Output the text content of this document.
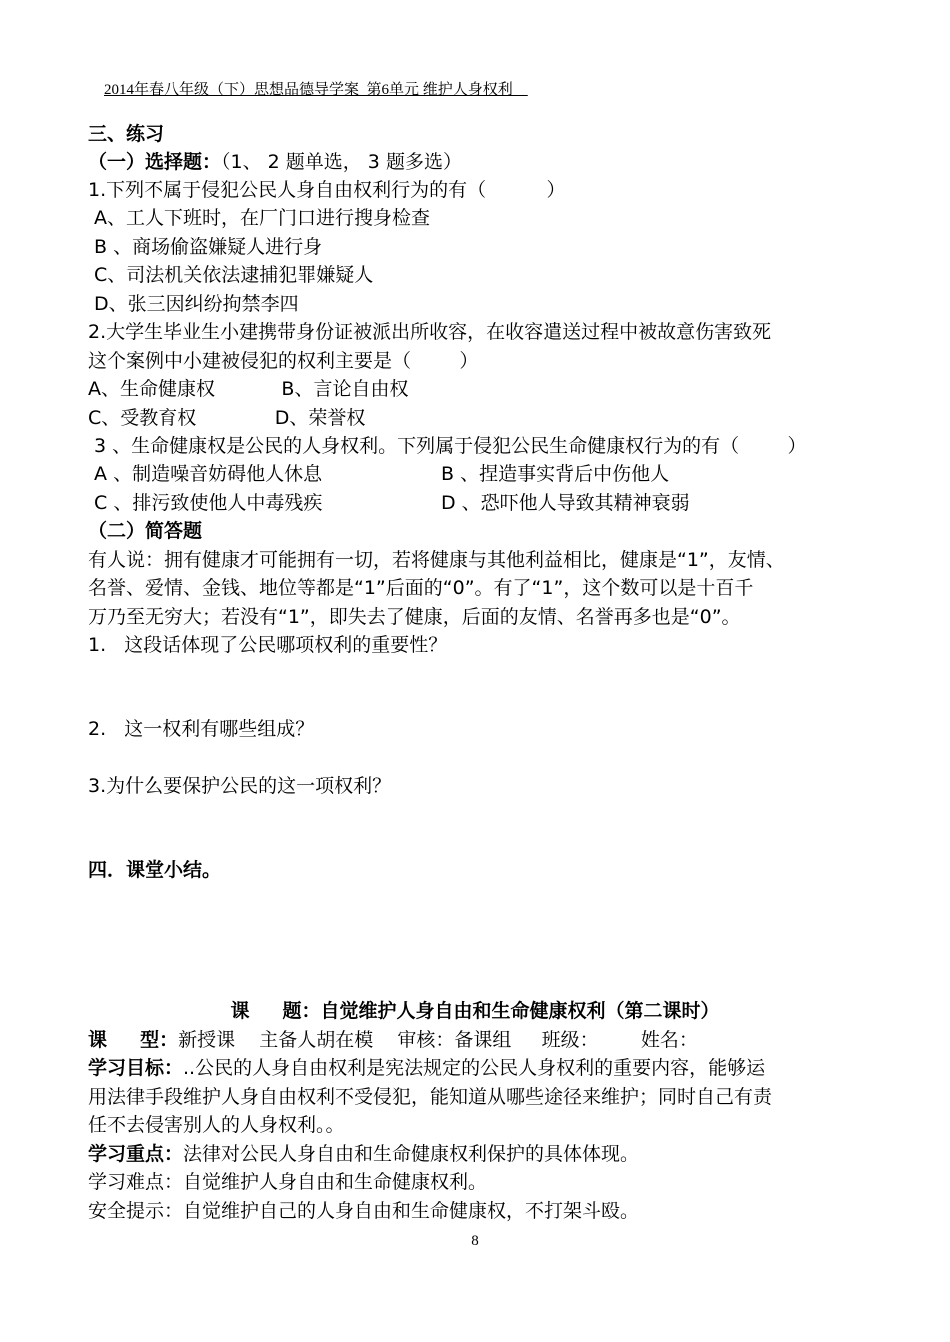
2014年春八年级（下）思想品德导学案  第6单元 维护人身权利
三、练习
（一）选择题：（1、 2 题单选， 3 题多选）
1.下列不属于侵犯公民人身自由权利行为的有（          ）
A、工人下班时，在厂门口进行搜身检查
B 、商场偷盗嫌疑人进行身
C、司法机关依法逮捕犯罪嫌疑人
D、张三因纠纷拘禁李四
2.大学生毕业生小建携带身份证被派出所收容，在收容遣送过程中被故意伤害致死
这个案例中小建被侵犯的权利主要是（        ）
A、生命健康权           B、言论自由权
C、受教育权             D、荣誉权
3 、生命健康权是公民的人身权利。下列属于侵犯公民生命健康权行为的有（        ）
A 、制造噪音妨碍他人休息	B 、捏造事实背后中伤他人
C 、排污致使他人中毒残疾	D 、恐吓他人导致其精神衰弱
（二）简答题
有人说：拥有健康才可能拥有一切，若将健康与其他利益相比，健康是“1”，友情、
名誉、爱情、金钱、地位等都是“1”后面的“0”。有了“1”，这个数可以是十百千
万乃至无穷大；若没有“1”，即失去了健康，后面的友情、名誉再多也是“0”。
1.   这段话体现了公民哪项权利的重要性？
2.   这一权利有哪些组成？
3.为什么要保护公民的这一项权利？
四．课堂小结。
课     题：自觉维护人身自由和生命健康权利（第二课时）
课     型：新授课    主备人胡在模    审核：备课组     班级：       姓名：
学习目标：..公民的人身自由权利是宪法规定的公民人身权利的重要内容，能够运
用法律手段维护人身自由权利不受侵犯，能知道从哪些途径来维护；同时自己有责
任不去侵害别人的人身权利。。
学习重点：法律对公民人身自由和生命健康权利保护的具体体现。
学习难点：自觉维护人身自由和生命健康权利。
安全提示：自觉维护自己的人身自由和生命健康权，不打架斗殴。
8
